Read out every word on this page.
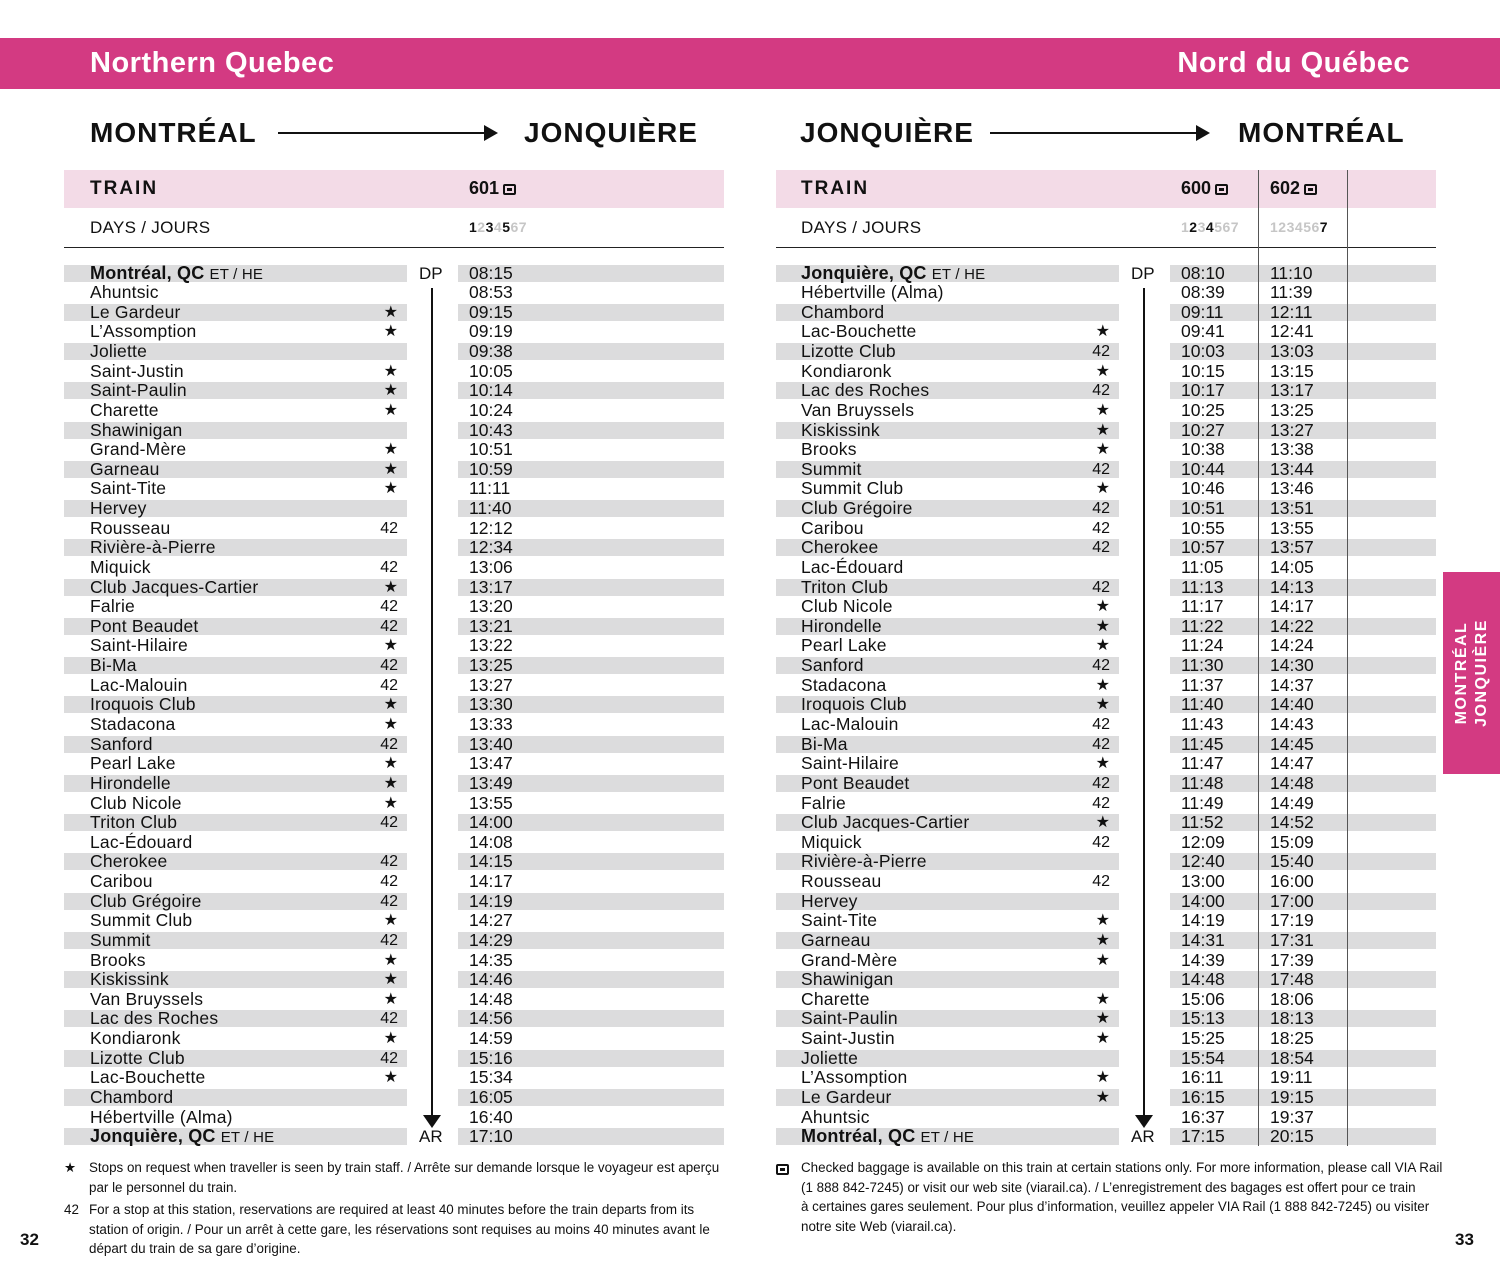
Northern Quebec	Nord du Québec
MONTRÉAL JONQUIÈRE
MONTRÉAL	JONQUIÈRE
TRAIN	601
DAYS / JOURS	1234567
Montréal, QC ET / HE	08:15
Ahuntsic	08:53
Le Gardeur	★	09:15
L’Assomption	★	09:19
Joliette	09:38
Saint-Justin	★	10:05
Saint-Paulin	★	10:14
Charette	★	10:24
Shawinigan	10:43
Grand-Mère	★	10:51
Garneau	★	10:59
Saint-Tite	★	11:11
Hervey	11:40
Rousseau	42	12:12
Rivière-à-Pierre	12:34
Miquick	42	13:06
Club Jacques-Cartier	★	13:17
Falrie	42	13:20
Pont Beaudet	42	13:21
Saint-Hilaire	★	13:22
Bi-Ma	42	13:25
Lac-Malouin	42	13:27
Iroquois Club	★	13:30
Stadacona	★	13:33
Sanford	42	13:40
Pearl Lake	★	13:47
Hirondelle	★	13:49
Club Nicole	★	13:55
Triton Club	42	14:00
Lac-Édouard	14:08
Cherokee	42	14:15
Caribou	42	14:17
Club Grégoire	42	14:19
Summit Club	★	14:27
Summit	42	14:29
Brooks	★	14:35
Kiskissink	★	14:46
Van Bruyssels	★	14:48
Lac des Roches	42	14:56
Kondiaronk	★	14:59
Lizotte Club	42	15:16
Lac-Bouchette	★	15:34
Chambord	16:05
Hébertville (Alma)	16:40
Jonquière, QC ET / HE	17:10
DP
AR
JONQUIÈRE	MONTRÉAL
TRAIN	600	602
DAYS / JOURS	1234567 1234567
Jonquière, QC ET / HE	08:10	11:10
Hébertville (Alma)	08:39	11:39
Chambord	09:11	12:11
Lac-Bouchette	★	09:41	12:41
Lizotte Club	42	10:03	13:03
Kondiaronk	★	10:15	13:15
Lac des Roches	42	10:17	13:17
Van Bruyssels	★	10:25	13:25
Kiskissink	★	10:27	13:27
Brooks	★	10:38	13:38
Summit	42	10:44	13:44
Summit Club	★	10:46	13:46
Club Grégoire	42	10:51	13:51
Caribou	42	10:55	13:55
Cherokee	42	10:57	13:57
Lac-Édouard	11:05	14:05
Triton Club	42	11:13	14:13
Club Nicole	★	11:17	14:17
Hirondelle	★	11:22	14:22
Pearl Lake	★	11:24	14:24
Sanford	42	11:30	14:30
Stadacona	★	11:37	14:37
Iroquois Club	★	11:40	14:40
Lac-Malouin	42	11:43	14:43
Bi-Ma	42	11:45	14:45
Saint-Hilaire	★	11:47	14:47
Pont Beaudet	42	11:48	14:48
Falrie	42	11:49	14:49
Club Jacques-Cartier	★	11:52	14:52
Miquick	42	12:09	15:09
Rivière-à-Pierre	12:40	15:40
Rousseau	42	13:00	16:00
Hervey	14:00	17:00
Saint-Tite	★	14:19	17:19
Garneau	★	14:31	17:31
Grand-Mère	★	14:39	17:39
Shawinigan	14:48	17:48
Charette	★	15:06	18:06
Saint-Paulin	★	15:13	18:13
Saint-Justin	★	15:25	18:25
Joliette	15:54	18:54
L’Assomption	★	16:11	19:11
Le Gardeur	★	16:15	19:15
Ahuntsic	16:37	19:37
Montréal, QC ET / HE	17:15	20:15
DP
AR
★ Stops on request when traveller is seen by train staff. / Arrête sur demande lorsque le voyageur est aperçu
par le personnel du train.
42 For a stop at this station, reservations are required at least 40 minutes before the train departs from its
station of origin. / Pour un arrêt à cette gare, les réservations sont requises au moins 40 minutes avant le
départ du train de sa gare d’origine.
Checked baggage is available on this train at certain stations only. For more information, please call VIA Rail
(1 888 842-7245) or visit our web site (viarail.ca). / L’enregistrement des bagages est offert pour ce train
à certaines gares seulement. Pour plus d’information, veuillez appeler VIA Rail (1 888 842-7245) ou visiter
notre site Web (viarail.ca).
32	33
